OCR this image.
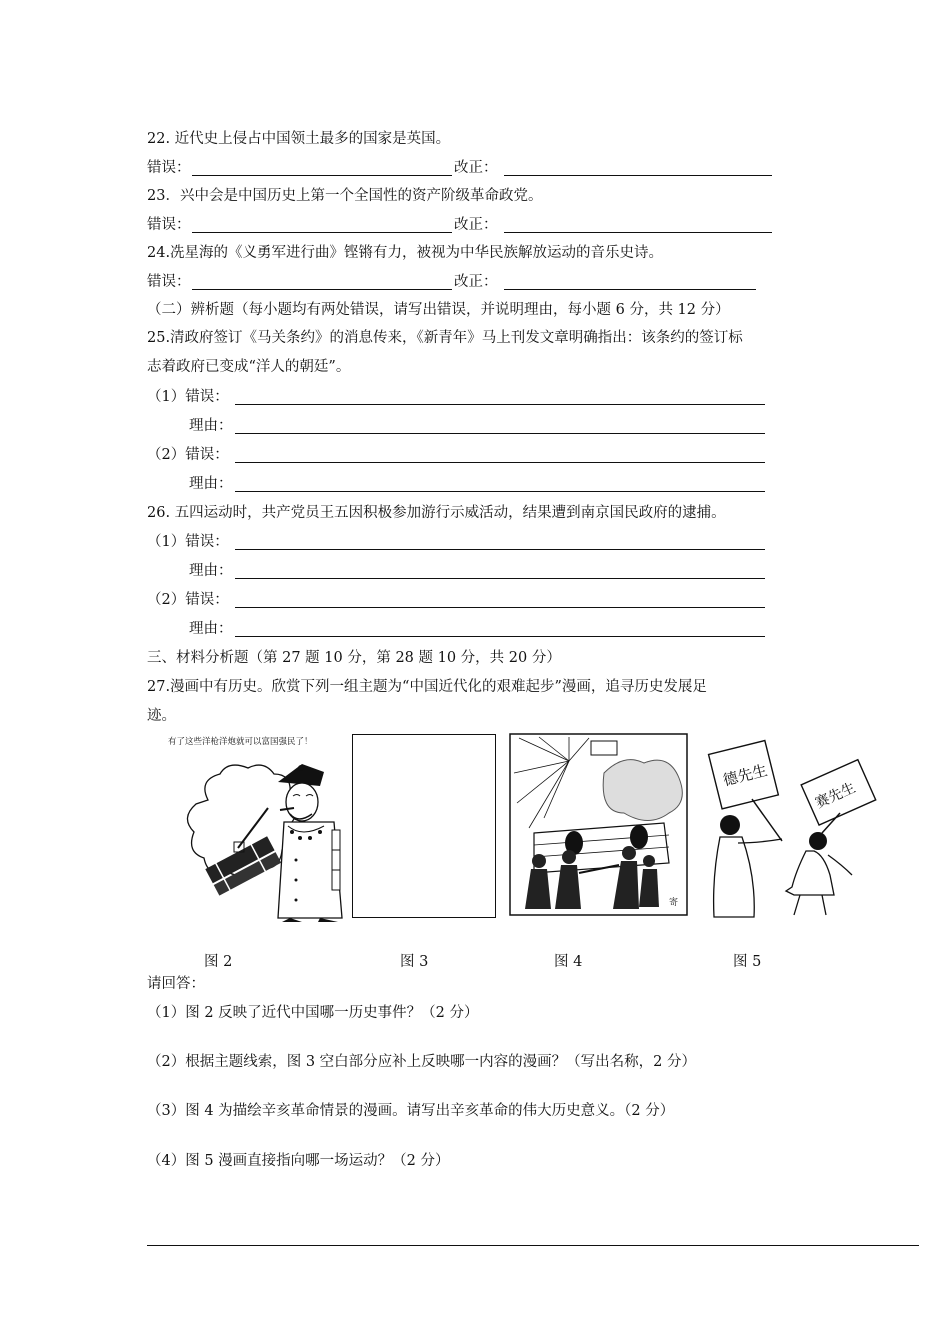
22. 近代史上侵占中国领土最多的国家是英国。
错误：	改正：
23．兴中会是中国历史上第一个全国性的资产阶级革命政党。
错误：	改正：
24.冼星海的《义勇军进行曲》铿锵有力，被视为中华民族解放运动的音乐史诗。
错误：	改正：
（二）辨析题（每小题均有两处错误，请写出错误，并说明理由，每小题 6 分，共 12 分）
25.清政府签订《马关条约》的消息传来，《新青年》马上刊发文章明确指出：该条约的签订标
志着政府已变成“洋人的朝廷”。
（1）错误：
理由：
（2）错误：
理由：
26. 五四运动时，共产党员王五因积极参加游行示威活动，结果遭到南京国民政府的逮捕。
（1）错误：
理由：
（2）错误：
理由：
三、材料分析题（第 27 题 10 分，第 28 题 10 分，共 20 分）
27.漫画中有历史。欣赏下列一组主题为“中国近代化的艰难起步”漫画，追寻历史发展足
迹。
有了这些洋枪洋炮就可以富国强民了！
寄
德先生
赛先生
图 2	图 3	图 4	图 5
请回答：
（1）图 2 反映了近代中国哪一历史事件？（2 分）
（2）根据主题线索，图 3 空白部分应补上反映哪一内容的漫画？（写出名称，2 分）
（3）图 4 为描绘辛亥革命情景的漫画。请写出辛亥革命的伟大历史意义。（2 分）
（4）图 5 漫画直接指向哪一场运动？（2 分）
